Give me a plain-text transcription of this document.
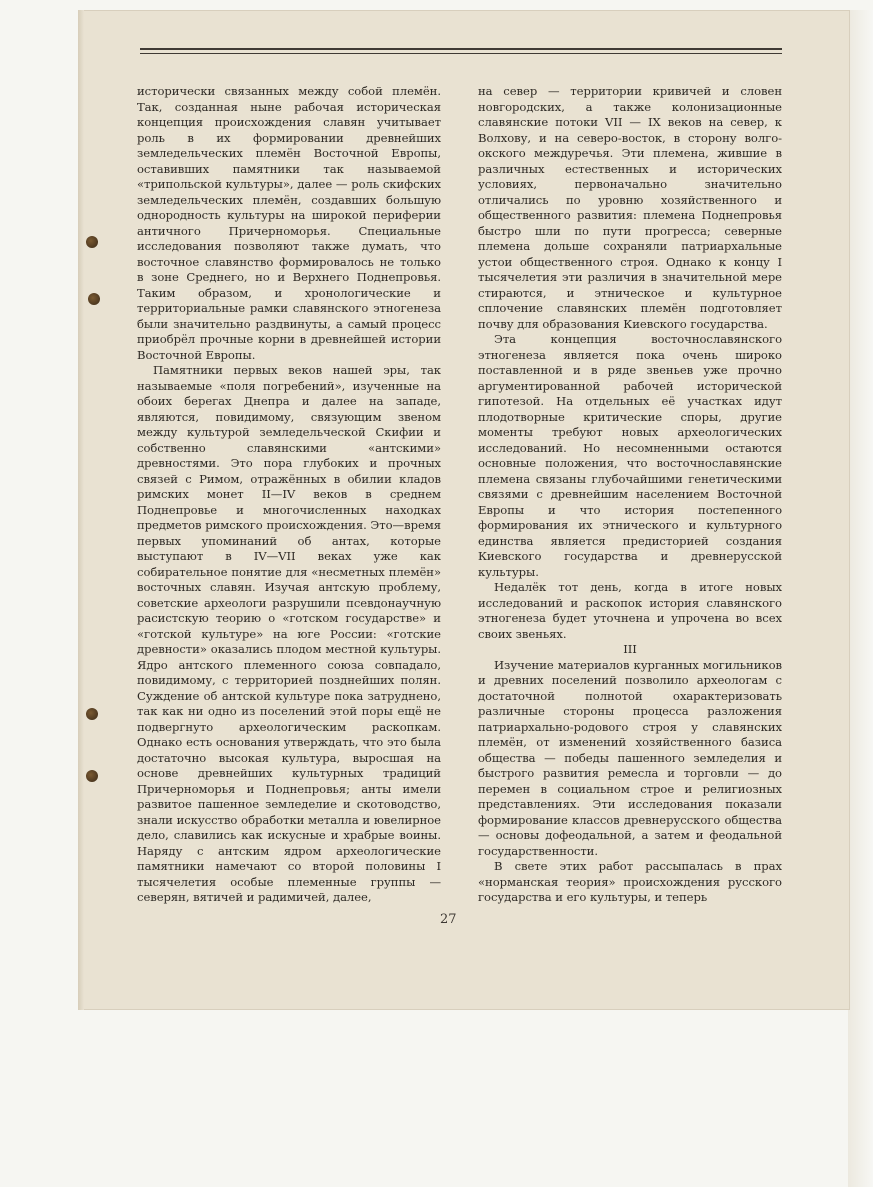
исторически связанных между собой племён. Так, созданная ныне рабочая историческая концепция происхождения славян учитывает роль в их формировании древнейших земледельческих племён Восточной Европы, оставивших памятники так называемой «трипольской культуры», далее — роль скифских земледельческих племён, создавших большую однородность культуры на широкой периферии античного Причерноморья. Специальные исследования позволяют также думать, что восточное славянство формировалось не только в зоне Среднего, но и Верхнего Поднепровья. Таким образом, и хронологические и территориальные рамки славянского этногенеза были значительно раздвинуты, а самый процесс приобрёл прочные корни в древнейшей истории Восточной Европы.

Памятники первых веков нашей эры, так называемые «поля погребений», изученные на обоих берегах Днепра и далее на западе, являются, повидимому, связующим звеном между культурой земледельческой Скифии и собственно славянскими «антскими» древностями. Это пора глубоких и прочных связей с Римом, отражённых в обилии кладов римских монет II—IV веков в среднем Поднепровье и многочисленных находках предметов римского происхождения. Это—время первых упоминаний об антах, которые выступают в IV—VII веках уже как собирательное понятие для «несметных племён» восточных славян. Изучая антскую проблему, советские археологи разрушили псевдонаучную расистскую теорию о «готском государстве» и «готской культуре» на юге России: «готские древности» оказались плодом местной культуры. Ядро антского племенного союза совпадало, повидимому, с территорией позднейших полян. Суждение об антской культуре пока затруднено, так как ни одно из поселений этой поры ещё не подвергнуто археологическим раскопкам. Однако есть основания утверждать, что это была достаточно высокая культура, выросшая на основе древнейших культурных традиций Причерноморья и Поднепровья; анты имели развитое пашенное земледелие и скотоводство, знали искусство обработки металла и ювелирное дело, славились как искусные и храбрые воины. Наряду с антским ядром археологические памятники намечают со второй половины I тысячелетия особые племенные группы — северян, вятичей и радимичей, далее,

на север — территории кривичей и словен новгородских, а также колонизационные славянские потоки VII — IX веков на север, к Волхову, и на северо-восток, в сторону волго-окского междуречья. Эти племена, жившие в различных естественных и исторических условиях, первоначально значительно отличались по уровню хозяйственного и общественного развития: племена Поднепровья быстро шли по пути прогресса; северные племена дольше сохраняли патриархальные устои общественного строя. Однако к концу I тысячелетия эти различия в значительной мере стираются, и этническое и культурное сплочение славянских племён подготовляет почву для образования Киевского государства.

Эта концепция восточнославянского этногенеза является пока очень широко поставленной и в ряде звеньев уже прочно аргументированной рабочей исторической гипотезой. На отдельных её участках идут плодотворные критические споры, другие моменты требуют новых археологических исследований. Но несомненными остаются основные положения, что восточнославянские племена связаны глубочайшими генетическими связями с древнейшим населением Восточной Европы и что история постепенного формирования их этнического и культурного единства является предисторией создания Киевского государства и древнерусской культуры.

Недалёк тот день, когда в итоге новых исследований и раскопок история славянского этногенеза будет уточнена и упрочена во всех своих звеньях.

III

Изучение материалов курганных могильников и древних поселений позволило археологам с достаточной полнотой охарактеризовать различные стороны процесса разложения патриархально-родового строя у славянских племён, от изменений хозяйственного базиса общества — победы пашенного земледелия и быстрого развития ремесла и торговли — до перемен в социальном строе и религиозных представлениях. Эти исследования показали формирование классов древнерусского общества — основы дофеодальной, а затем и феодальной государственности.

В свете этих работ рассыпалась в прах «норманская теория» происхождения русского государства и его культуры, и теперь

27
